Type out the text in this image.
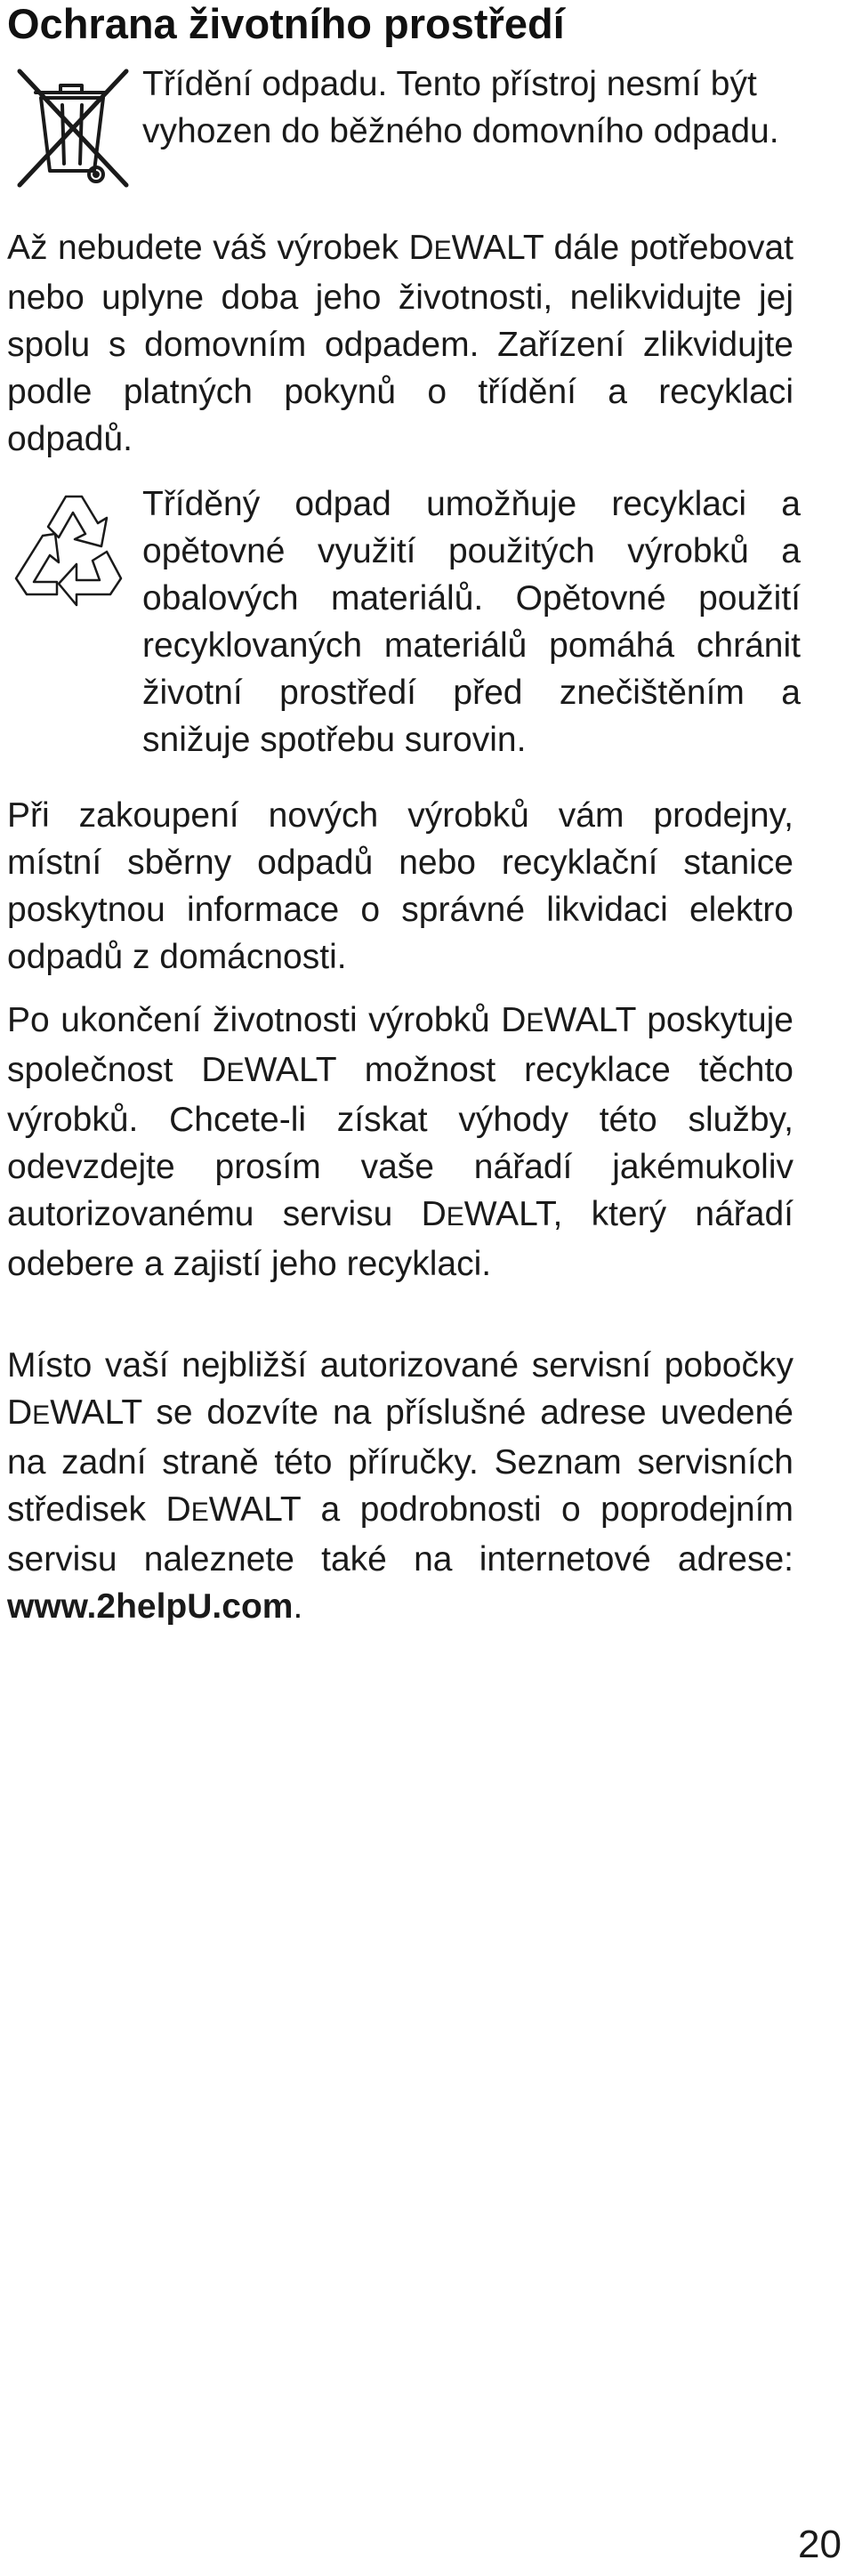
Ochrana životního prostředí

Třídění odpadu. Tento přístroj nesmí být vyhozen do běžného domovního odpadu.

Až nebudete váš výrobek DEWALT dále potřebovat nebo uplyne doba jeho životnosti, nelikvidujte jej spolu s domovním odpadem. Zařízení zlikvidujte podle platných pokynů o třídění a recyklaci odpadů.

Tříděný odpad umožňuje recyklaci a opětovné využití použitých výrobků a obalových materiálů. Opětovné použití recyklovaných materiálů pomáhá chránit životní prostředí před znečištěním a snižuje spotřebu surovin.

Při zakoupení nových výrobků vám prodejny, místní sběrny odpadů nebo recyklační stanice poskytnou informace o správné likvidaci elektro odpadů z domácnosti.

Po ukončení životnosti výrobků DEWALT poskytuje společnost DEWALT možnost recyklace těchto výrobků. Chcete-li získat výhody této služby, odevzdejte prosím vaše nářadí jakémukoliv autorizovanému servisu DEWALT, který nářadí odebere a zajistí jeho recyklaci.

Místo vaší nejbližší autorizované servisní pobočky DEWALT se dozvíte na příslušné adrese uvedené na zadní straně této příručky. Seznam servisních středisek DEWALT a podrobnosti o poprodejním servisu naleznete také na internetové adrese: www.2helpU.com.

20
